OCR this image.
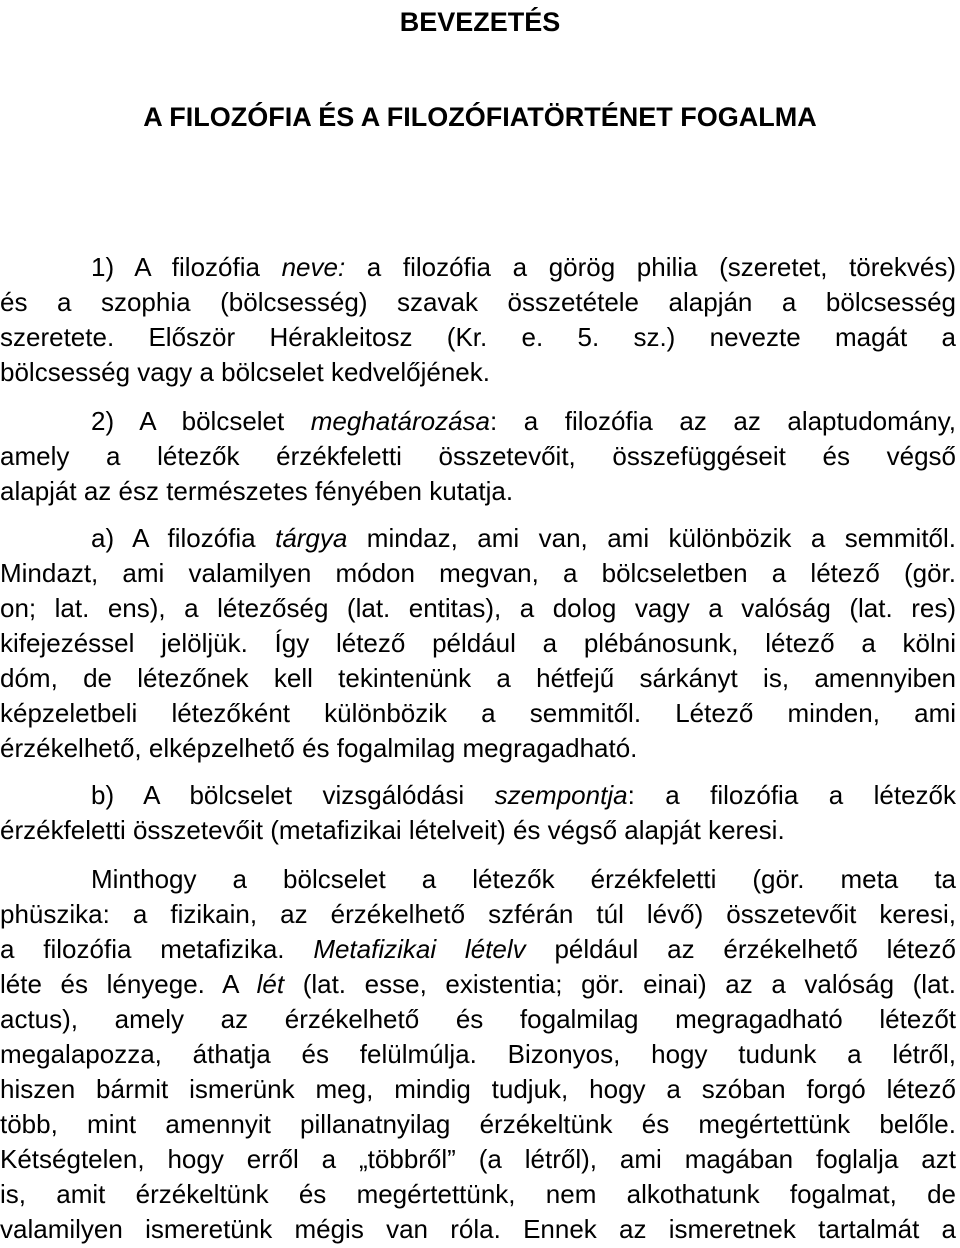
BEVEZETÉS
A FILOZÓFIA ÉS A FILOZÓFIATÖRTÉNET FOGALMA
1) A filozófia neve: a filozófia a görög philia (szeretet, törekvés)
és a szophia (bölcsesség) szavak összetétele alapján a bölcsesség
szeretete. Először Hérakleitosz (Kr. e. 5. sz.) nevezte magát a
bölcsesség vagy a bölcselet kedvelőjének.
2) A bölcselet meghatározása: a filozófia az az alaptudomány,
amely a létezők érzékfeletti összetevőit, összefüggéseit és végső
alapját az ész természetes fényében kutatja.
a) A filozófia tárgya mindaz, ami van, ami különbözik a semmitől.
Mindazt, ami valamilyen módon megvan, a bölcseletben a létező (gör.
on; lat. ens), a létezőség (lat. entitas), a dolog vagy a valóság (lat. res)
kifejezéssel jelöljük. Így létező például a plébánosunk, létező a kölni
dóm, de létezőnek kell tekintenünk a hétfejű sárkányt is, amennyiben
képzeletbeli létezőként különbözik a semmitől. Létező minden, ami
érzékelhető, elképzelhető és fogalmilag megragadható.
b) A bölcselet vizsgálódási szempontja: a filozófia a létezők
érzékfeletti összetevőit (metafizikai lételveit) és végső alapját keresi.
Minthogy a bölcselet a létezők érzékfeletti (gör. meta ta
phüszika: a fizikain, az érzékelhető szférán túl lévő) összetevőit keresi,
a filozófia metafizika. Metafizikai lételv például az érzékelhető létező
léte és lényege. A lét (lat. esse, existentia; gör. einai) az a valóság (lat.
actus), amely az érzékelhető és fogalmilag megragadható létezőt
megalapozza, áthatja és felülmúlja. Bizonyos, hogy tudunk a létről,
hiszen bármit ismerünk meg, mindig tudjuk, hogy a szóban forgó létező
több, mint amennyit pillanatnyilag érzékeltünk és megértettünk belőle.
Kétségtelen, hogy erről a „többről” (a létről), ami magában foglalja azt
is, amit érzékeltünk és megértettünk, nem alkothatunk fogalmat, de
valamilyen ismeretünk mégis van róla. Ennek az ismeretnek tartalmát a
